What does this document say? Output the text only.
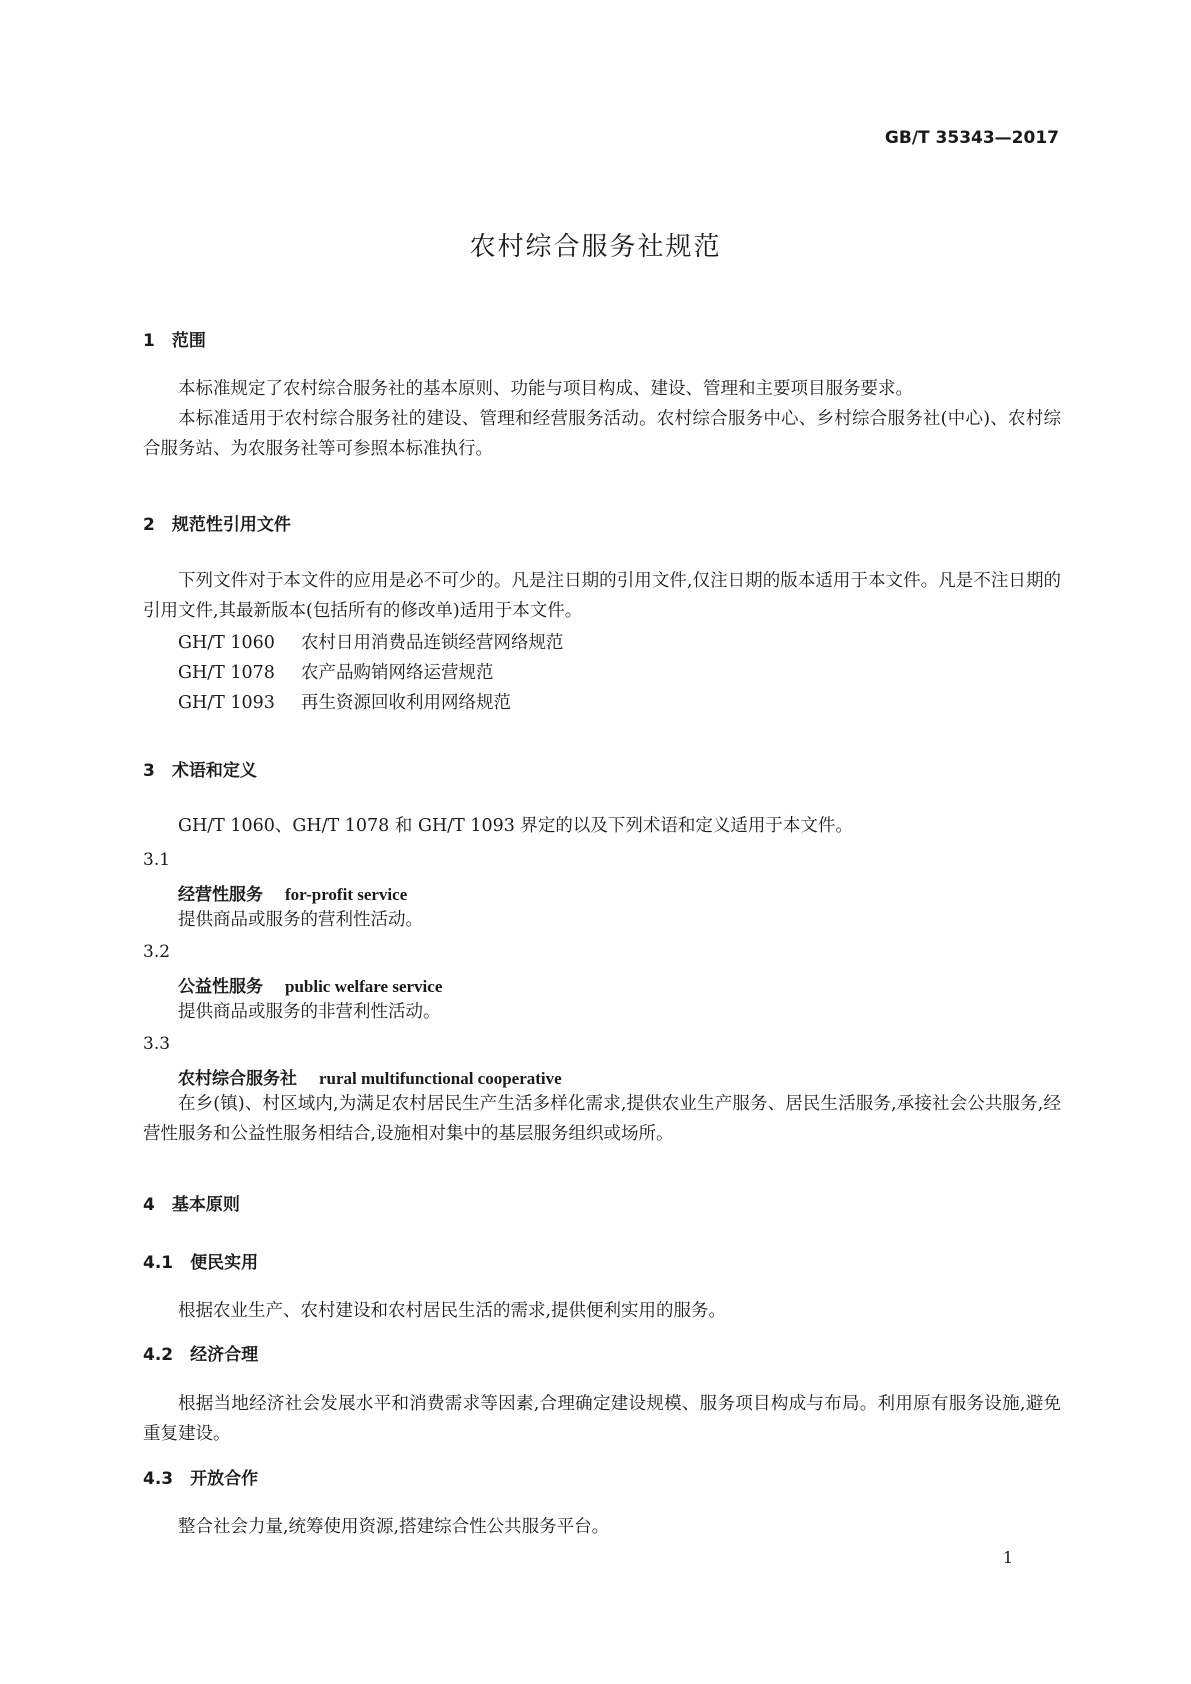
GB/T 35343—2017
农村综合服务社规范
1　范围

本标准规定了农村综合服务社的基本原则、功能与项目构成、建设、管理和主要项目服务要求。

本标准适用于农村综合服务社的建设、管理和经营服务活动。农村综合服务中心、乡村综合服务社(中心)、农村综合服务站、为农服务社等可参照本标准执行。

2　规范性引用文件

下列文件对于本文件的应用是必不可少的。凡是注日期的引用文件,仅注日期的版本适用于本文件。凡是不注日期的引用文件,其最新版本(包括所有的修改单)适用于本文件。

GH/T 1060 农村日用消费品连锁经营网络规范
GH/T 1078 农产品购销网络运营规范
GH/T 1093 再生资源回收利用网络规范
3　术语和定义

GH/T 1060、GH/T 1078 和 GH/T 1093 界定的以及下列术语和定义适用于本文件。

3.1
经营性服务 for-profit service

提供商品或服务的营利性活动。

3.2
公益性服务 public welfare service

提供商品或服务的非营利性活动。

3.3
农村综合服务社 rural multifunctional cooperative

在乡(镇)、村区域内,为满足农村居民生产生活多样化需求,提供农业生产服务、居民生活服务,承接社会公共服务,经营性服务和公益性服务相结合,设施相对集中的基层服务组织或场所。

4　基本原则
4.1　便民实用

根据农业生产、农村建设和农村居民生活的需求,提供便利实用的服务。

4.2　经济合理

根据当地经济社会发展水平和消费需求等因素,合理确定建设规模、服务项目构成与布局。利用原有服务设施,避免重复建设。

4.3　开放合作

整合社会力量,统筹使用资源,搭建综合性公共服务平台。

1
